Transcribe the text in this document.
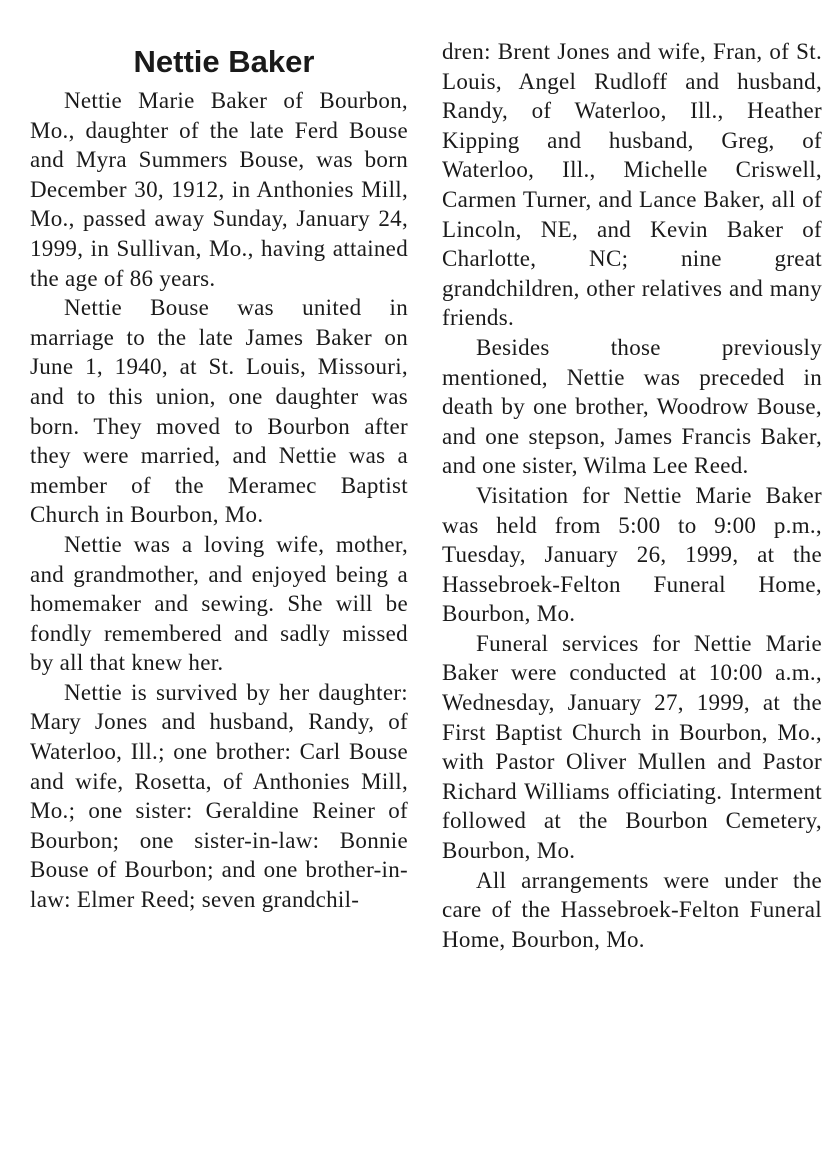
Nettie Baker

Nettie Marie Baker of Bourbon, Mo., daughter of the late Ferd Bouse and Myra Summers Bouse, was born December 30, 1912, in Anthonies Mill, Mo., passed away Sunday, January 24, 1999, in Sullivan, Mo., having attained the age of 86 years.

Nettie Bouse was united in marriage to the late James Baker on June 1, 1940, at St. Louis, Missouri, and to this union, one daughter was born. They moved to Bourbon after they were married, and Nettie was a member of the Meramec Baptist Church in Bourbon, Mo.

Nettie was a loving wife, mother, and grandmother, and enjoyed being a homemaker and sewing. She will be fondly remembered and sadly missed by all that knew her.

Nettie is survived by her daughter: Mary Jones and husband, Randy, of Waterloo, Ill.; one brother: Carl Bouse and wife, Rosetta, of Anthonies Mill, Mo.; one sister: Geraldine Reiner of Bourbon; one sister-in-law: Bonnie Bouse of Bourbon; and one brother-in-law: Elmer Reed; seven grandchil-

dren: Brent Jones and wife, Fran, of St. Louis, Angel Rudloff and husband, Randy, of Waterloo, Ill., Heather Kipping and husband, Greg, of Waterloo, Ill., Michelle Criswell, Carmen Turner, and Lance Baker, all of Lincoln, NE, and Kevin Baker of Charlotte, NC; nine great grandchildren, other relatives and many friends.

Besides those previously mentioned, Nettie was preceded in death by one brother, Woodrow Bouse, and one stepson, James Francis Baker, and one sister, Wilma Lee Reed.

Visitation for Nettie Marie Baker was held from 5:00 to 9:00 p.m., Tuesday, January 26, 1999, at the Hassebroek-Felton Funeral Home, Bourbon, Mo.

Funeral services for Nettie Marie Baker were conducted at 10:00 a.m., Wednesday, January 27, 1999, at the First Baptist Church in Bourbon, Mo., with Pastor Oliver Mullen and Pastor Richard Williams officiating. Interment followed at the Bourbon Cemetery, Bourbon, Mo.

All arrangements were under the care of the Hassebroek-Felton Funeral Home, Bourbon, Mo.
